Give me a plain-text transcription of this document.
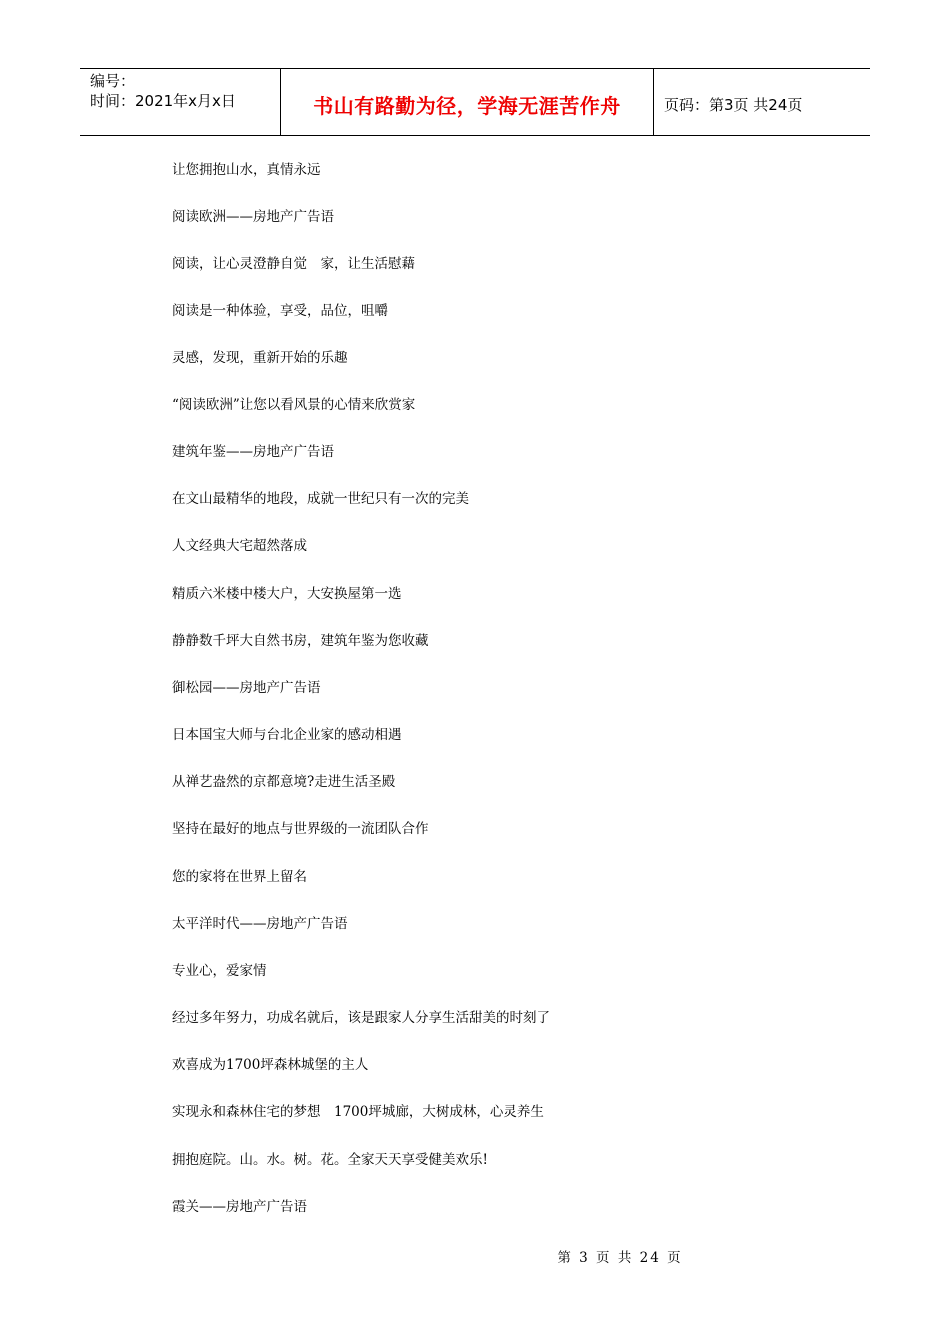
编号：
时间：2021年x月x日	书山有路勤为径，学海无涯苦作舟	页码：第3页 共24页
让您拥抱山水，真情永远
阅读欧洲——房地产广告语
阅读，让心灵澄静自觉　家，让生活慰藉
阅读是一种体验，享受，品位，咀嚼
灵感，发现，重新开始的乐趣
“阅读欧洲”让您以看风景的心情来欣赏家
建筑年鉴——房地产广告语
在文山最精华的地段，成就一世纪只有一次的完美
人文经典大宅超然落成
精质六米楼中楼大户，大安换屋第一选
静静数千坪大自然书房，建筑年鉴为您收藏
御松园——房地产广告语
日本国宝大师与台北企业家的感动相遇
从禅艺盎然的京都意境?走进生活圣殿
坚持在最好的地点与世界级的一流团队合作
您的家将在世界上留名
太平洋时代——房地产广告语
专业心，爱家情
经过多年努力，功成名就后，该是跟家人分享生活甜美的时刻了
欢喜成为1700坪森林城堡的主人
实现永和森林住宅的梦想　1700坪城廊，大树成林，心灵养生
拥抱庭院。山。水。树。花。全家天天享受健美欢乐!
霞关——房地产广告语
第 3 页 共 24 页
